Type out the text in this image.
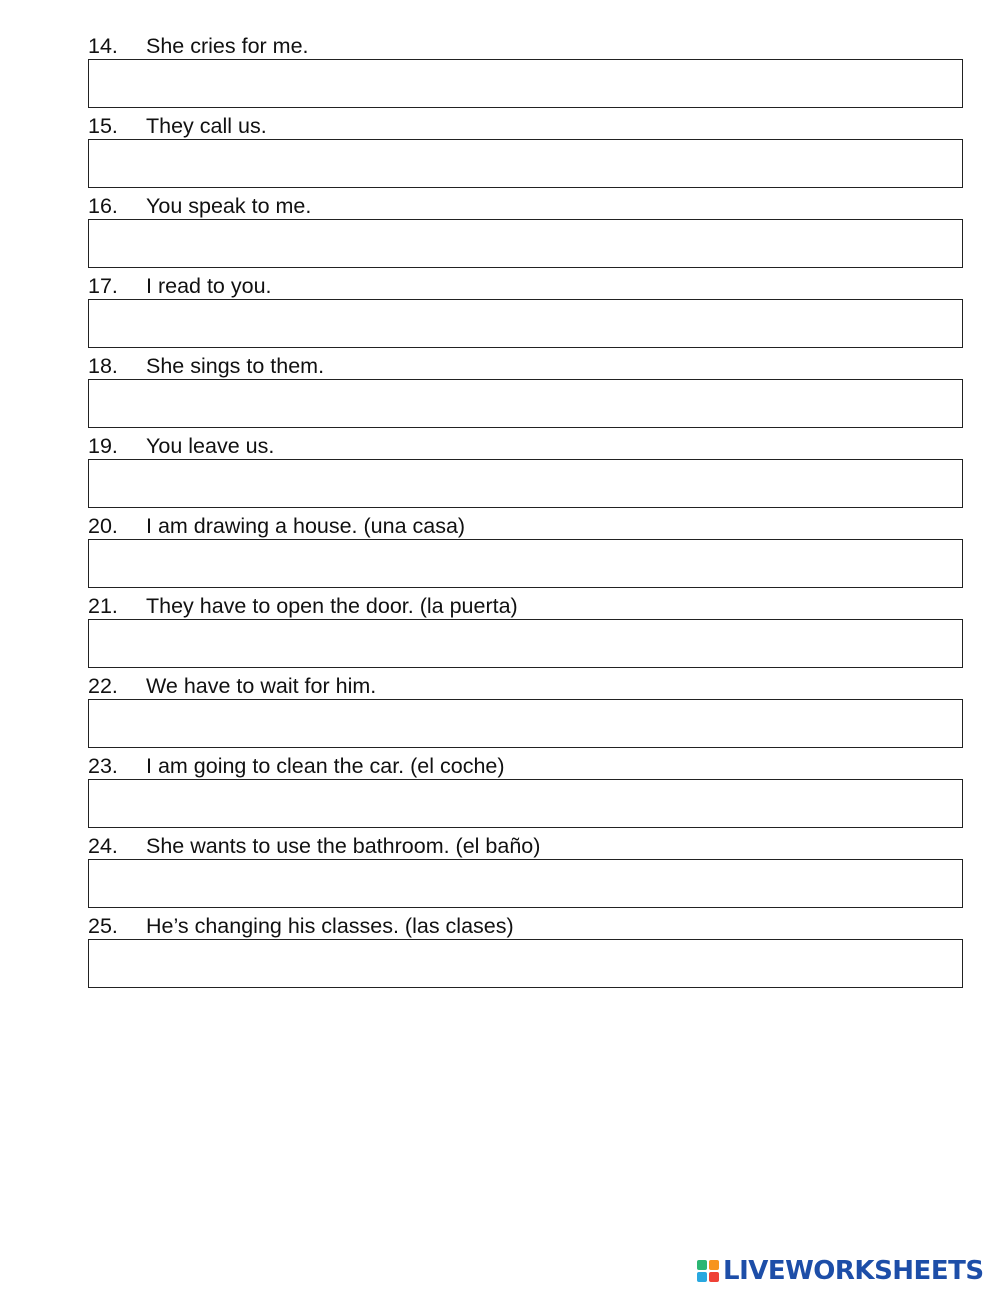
14. She cries for me.
15. They call us.
16. You speak to me.
17. I read to you.
18. She sings to them.
19. You leave us.
20. I am drawing a house. (una casa)
21. They have to open the door. (la puerta)
22. We have to wait for him.
23. I am going to clean the car. (el coche)
24. She wants to use the bathroom. (el baño)
25. He’s changing his classes. (las clases)
LIVEWORKSHEETS
